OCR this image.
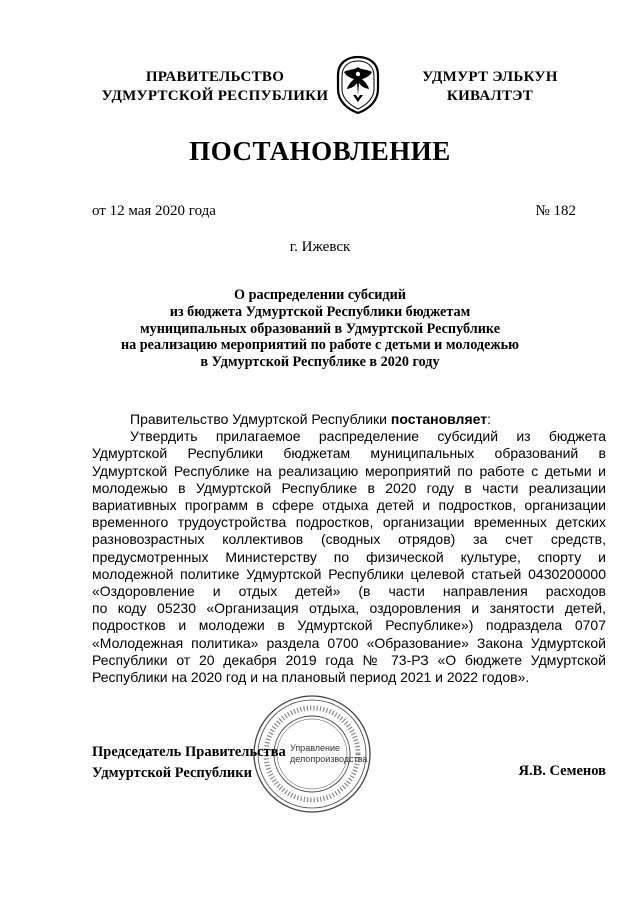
ПРАВИТЕЛЬСТВО
УДМУРТСКОЙ РЕСПУБЛИКИ
УДМУРТ ЭЛЬКУН
КИВАЛТЭТ
ПОСТАНОВЛЕНИЕ
от 12 мая 2020 года	№ 182
г. Ижевск
О распределении субсидий
из бюджета Удмуртской Республики бюджетам
муниципальных образований в Удмуртской Республике
на реализацию мероприятий по работе с детьми и молодежью
в Удмуртской Республике в 2020 году
Правительство Удмуртской Республики постановляет:
Утвердить прилагаемое распределение субсидий из бюджета
Удмуртской Республики бюджетам муниципальных образований в
Удмуртской Республике на реализацию мероприятий по работе с детьми и
молодежью в Удмуртской Республике в 2020 году в части реализации
вариативных программ в сфере отдыха детей и подростков, организации
временного трудоустройства подростков, организации временных детских
разновозрастных коллективов (сводных отрядов) за счет средств,
предусмотренных Министерству по физической культуре, спорту и
молодежной политике Удмуртской Республики целевой статьей 0430200000
«Оздоровление и отдых детей» (в части направления расходов
по коду 05230 «Организация отдыха, оздоровления и занятости детей,
подростков и молодежи в Удмуртской Республике») подраздела 0707
«Молодежная политика» раздела 0700 «Образование» Закона Удмуртской
Республики от 20 декабря 2019 года № 73-РЗ «О бюджете Удмуртской
Республики на 2020 год и на плановый период 2021 и 2022 годов».
Управление
делопроизводства
Председатель Правительства
Удмуртской Республики	Я.В. Семенов
